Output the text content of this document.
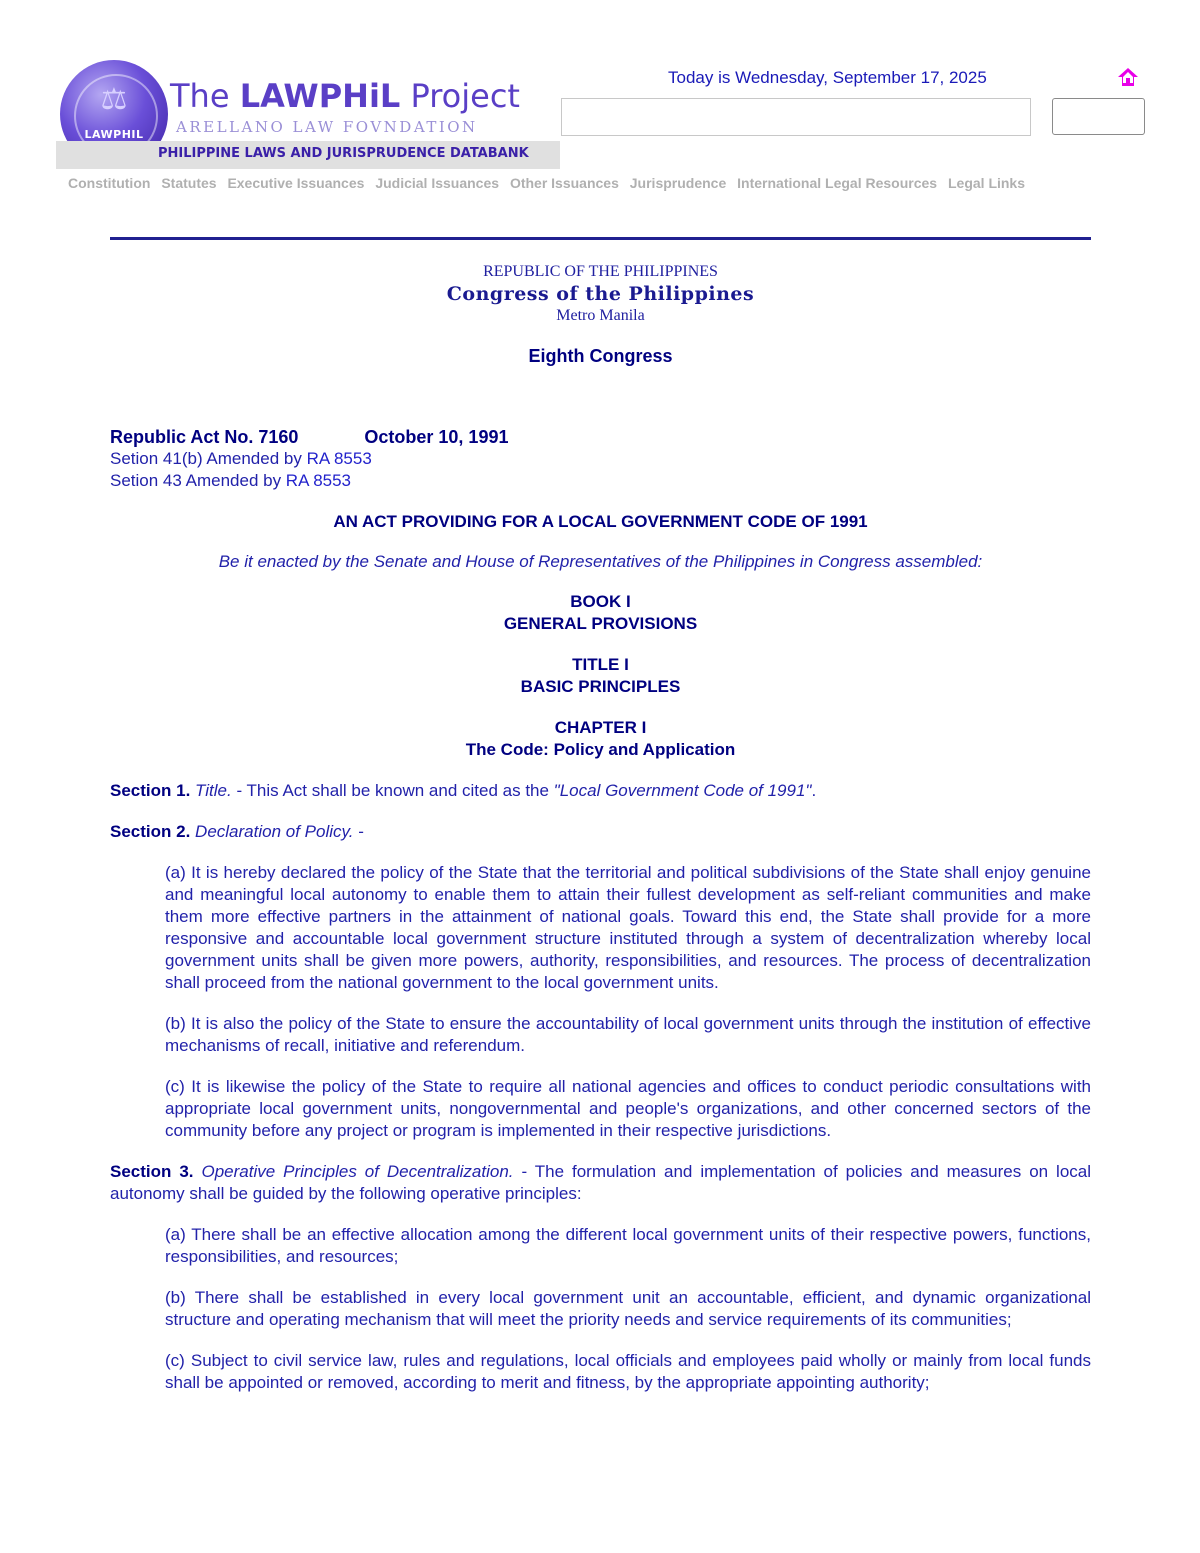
⚖
LAWPHIL
The LAWPHiL Project
ARELLANO LAW FOVNDATION
PHILIPPINE LAWS AND JURISPRUDENCE DATABANK
Today is Wednesday, September 17, 2025
Constitution Statutes Executive Issuances Judicial Issuances Other Issuances Jurisprudence International Legal Resources Legal Links
REPUBLIC OF THE PHILIPPINES
Congress of the Philippines
Metro Manila
Eighth Congress
Republic Act No. 7160	October 10, 1991
Setion 41(b) Amended by RA 8553
Setion 43 Amended by RA 8553
AN ACT PROVIDING FOR A LOCAL GOVERNMENT CODE OF 1991
Be it enacted by the Senate and House of Representatives of the Philippines in Congress assembled:
BOOK I
GENERAL PROVISIONS
TITLE I
BASIC PRINCIPLES
CHAPTER I
The Code: Policy and Application
Section 1. Title. - This Act shall be known and cited as the "Local Government Code of 1991".
Section 2. Declaration of Policy. -
(a) It is hereby declared the policy of the State that the territorial and political subdivisions of the State shall enjoy genuine and meaningful local autonomy to enable them to attain their fullest development as self-reliant communities and make them more effective partners in the attainment of national goals. Toward this end, the State shall provide for a more responsive and accountable local government structure instituted through a system of decentralization whereby local government units shall be given more powers, authority, responsibilities, and resources. The process of decentralization shall proceed from the national government to the local government units.
(b) It is also the policy of the State to ensure the accountability of local government units through the institution of effective mechanisms of recall, initiative and referendum.
(c) It is likewise the policy of the State to require all national agencies and offices to conduct periodic consultations with appropriate local government units, nongovernmental and people's organizations, and other concerned sectors of the community before any project or program is implemented in their respective jurisdictions.
Section 3. Operative Principles of Decentralization. - The formulation and implementation of policies and measures on local autonomy shall be guided by the following operative principles:
(a) There shall be an effective allocation among the different local government units of their respective powers, functions, responsibilities, and resources;
(b) There shall be established in every local government unit an accountable, efficient, and dynamic organizational structure and operating mechanism that will meet the priority needs and service requirements of its communities;
(c) Subject to civil service law, rules and regulations, local officials and employees paid wholly or mainly from local funds shall be appointed or removed, according to merit and fitness, by the appropriate appointing authority;
